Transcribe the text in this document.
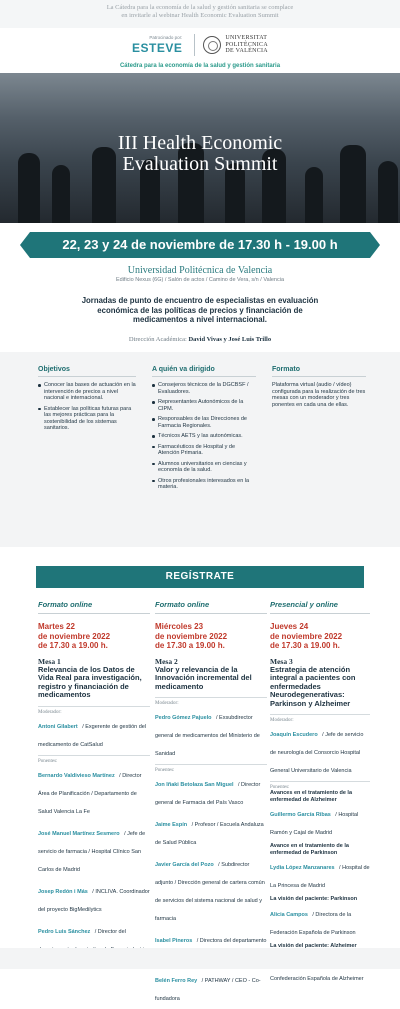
La Cátedra para la economía de la salud y gestión sanitaria se complace
en invitarle al webinar Health Economic Evaluation Summit
Patrocinado por:
ESTEVE
UNIVERSITAT
POLITÈCNICA
DE VALÈNCIA
Cátedra para la economía de la salud y gestión sanitaria
III Health Economic
Evaluation Summit
22, 23 y 24 de noviembre de 17.30 h - 19.00 h
Universidad Politécnica de Valencia
Edificio Nexus (6G) / Salón de actos / Camino de Vera, s/n / Valencia
Jornadas de punto de encuentro de especialistas en evaluación económica de las políticas de precios y financiación de medicamentos a nivel internacional.
Dirección Académica: David Vivas y José Luis Trillo
Objetivos
Conocer las bases de actuación en la intervención de precios a nivel nacional e internacional.
Establecer las políticas futuras para las mejores prácticas para la sostenibilidad de los sistemas sanitarios.
A quién va dirigido
Consejeros técnicos de la DGCBSF / Evaluadores.
Representantes Autonómicos de la CIPM.
Responsables de las Direcciones de Farmacia Regionales.
Técnicos AETS y las autonómicas.
Farmacéuticos de Hospital y de Atención Primaria.
Alumnos universitarios en ciencias y economía de la salud.
Otros profesionales interesados en la materia.
Formato

Plataforma virtual (audio / vídeo) configurada para la realización de tres mesas con un moderador y tres ponentes en cada una de ellas.

REGÍSTRATE
Formato online
Martes 22
de noviembre 2022
de 17.30 a 19.00 h.
Mesa 1
Relevancia de los Datos de Vida Real para investigación, registro y financiación de medicamentos
Moderador:
Antoni Gilabert / Exgerente de gestión del medicamento de CatSalud
Ponentes:
Bernardo Valdivieso Martínez / Director Área de Planificación / Departamento de Salud Valencia La Fe
José Manuel Martínez Sesmero / Jefe de servicio de farmacia / Hospital Clínico San Carlos de Madrid
Josep Redón i Más / INCLIVA. Coordinador del proyecto BigMedilytics
Pedro Luis Sánchez / Director del
Formato online
Miércoles 23
de noviembre 2022
de 17.30 a 19.00 h.
Mesa 2
Valor y relevancia de la Innovación incremental del medicamento
Moderador:
Pedro Gómez Pajuelo / Exsubdirector general de medicamentos del Ministerio de Sanidad
Ponentes:
Jon Iñaki Betolaza San Miguel / Director general de Farmacia del País Vasco
Jaime Espín / Profesor / Escuela Andaluza de Salud Pública
Javier García del Pozo / Subdirector adjunto / Dirección general de cartera común de servicios del sistema nacional de salud y farmacia
Isabel Pineros / Directora del departamento
Belén Ferro Rey / PATHWAY / CEO - Co-fundadora
Presencial y online
Jueves 24
de noviembre 2022
de 17.30 a 19.00 h.
Mesa 3
Estrategia de atención integral a pacientes con enfermedades Neurodegenerativas: Parkinson y Alzheimer
Moderador:
Joaquín Escudero / Jefe de servicio de neurología del Consorcio Hospital General Universitario de Valencia
Ponentes:
Avances en el tratamiento de la enfermedad de Alzheimer
Guillermo García Ribas / Hospital Ramón y Cajal de Madrid
Avance en el tratamiento de la enfermedad de Parkinson
Lydia López Manzanares / Hospital de La Princesa de Madrid
La visión del paciente: Parkinson
Alicia Campos / Directora de la Federación Española de Parkinson
La visión del paciente: Alzheimer
Confederación Española de Alzheimer
